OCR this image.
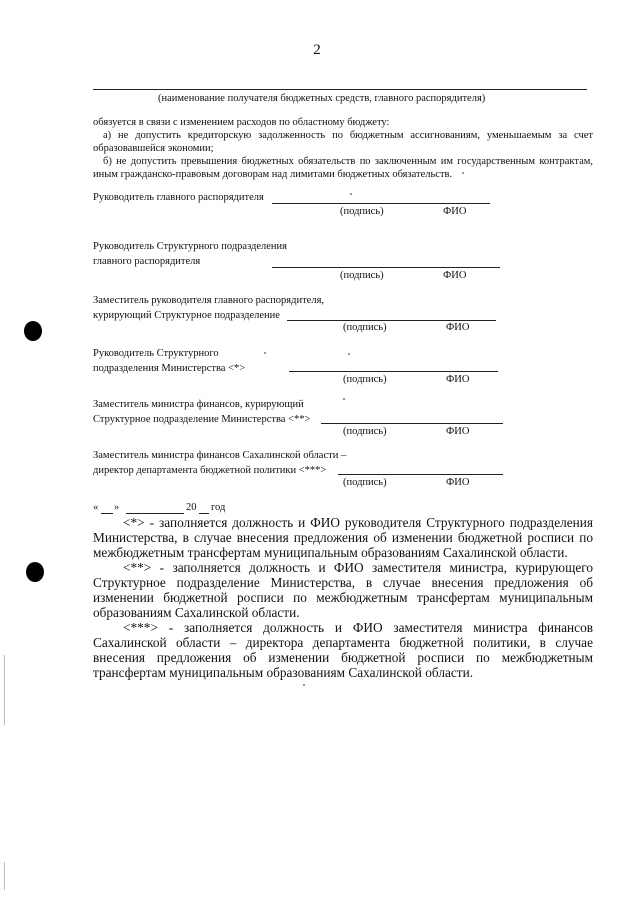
2
(наименование получателя бюджетных средств, главного распорядителя)
обязуется в связи с изменением расходов по областному бюджету:
а) не допустить кредиторскую задолженность по бюджетным ассигнованиям, уменьшаемым за счет образовавшейся экономии;
б) не допустить превышения бюджетных обязательств по заключенным им государственным контрактам, иным гражданско-правовым договорам над лимитами бюджетных обязательств.
Руководитель главного распорядителя
(подпись)	ФИО
Руководитель Структурного подразделения
главного распорядителя
(подпись)	ФИО
Заместитель руководителя главного распорядителя,
курирующий Структурное подразделение
(подпись)	ФИО
Руководитель Структурного
подразделения Министерства <*>
(подпись)	ФИО
Заместитель министра финансов, курирующий
Структурное подразделение Министерства <**>
(подпись)	ФИО
Заместитель министра финансов Сахалинской области –
директор департамента бюджетной политики <***>
(подпись)	ФИО
« »	20 год
<*> - заполняется должность и ФИО руководителя Структурного подразделения Министерства, в случае внесения предложения об изменении бюджетной росписи по межбюджетным трансфертам муниципальным образованиям Сахалинской области.
<**> - заполняется должность и ФИО заместителя министра, курирующего Структурное подразделение Министерства, в случае внесения предложения об изменении бюджетной росписи по межбюджетным трансфертам муниципальным образованиям Сахалинской области.
<***> - заполняется должность и ФИО заместителя министра финансов Сахалинской области – директора департамента бюджетной политики, в случае внесения предложения об изменении бюджетной росписи по межбюджетным трансфертам муниципальным образованиям Сахалинской области.
